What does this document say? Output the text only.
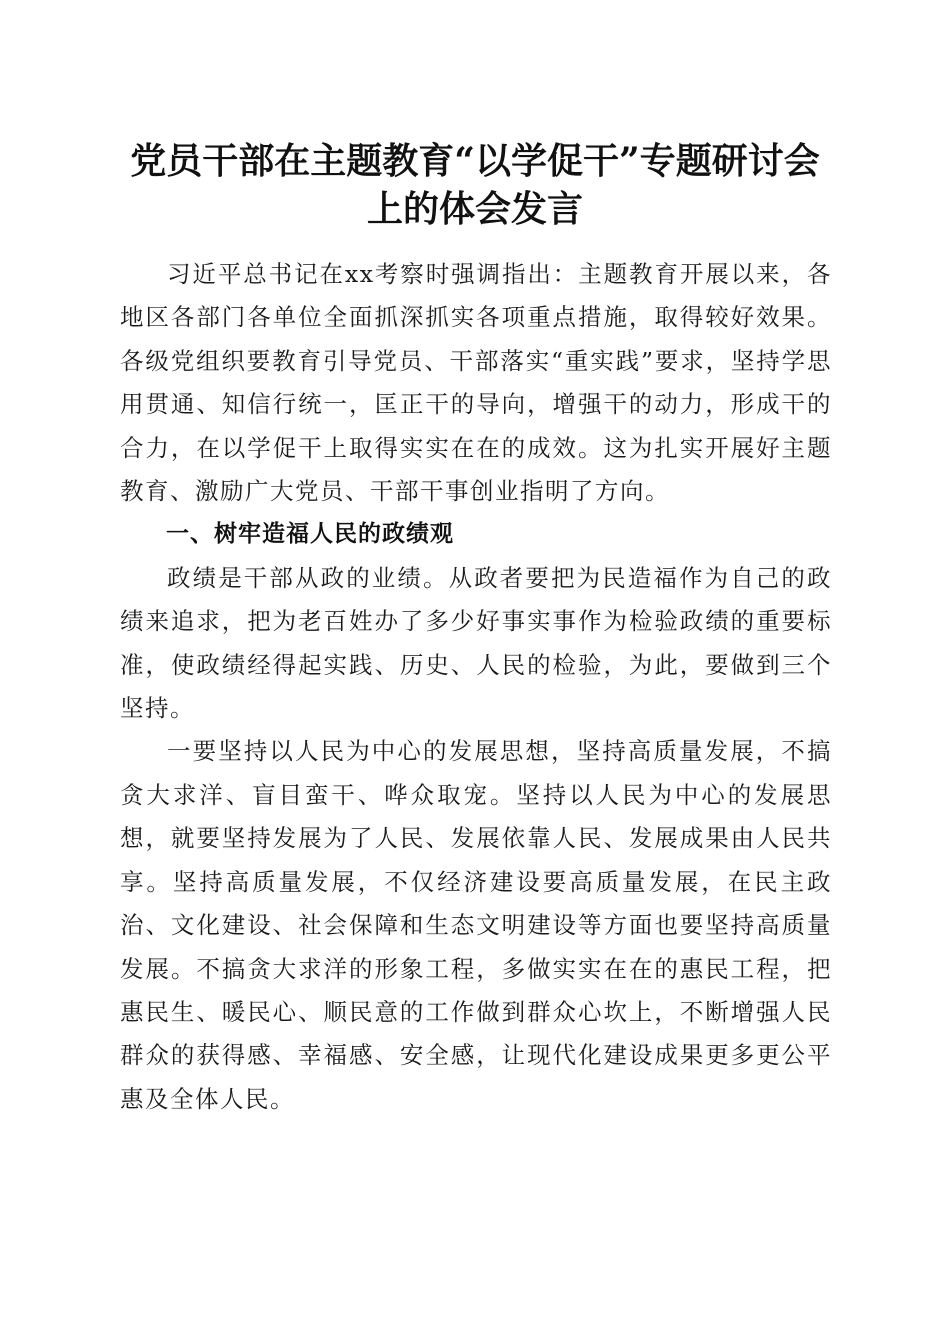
党员干部在主题教育“以学促干”专题研讨会
上的体会发言

习近平总书记在xx考察时强调指出：主题教育开展以来，各地区各部门各单位全面抓深抓实各项重点措施，取得较好效果。各级党组织要教育引导党员、干部落实“重实践”要求，坚持学思用贯通、知信行统一，匡正干的导向，增强干的动力，形成干的合力，在以学促干上取得实实在在的成效。这为扎实开展好主题教育、激励广大党员、干部干事创业指明了方向。

一、树牢造福人民的政绩观

政绩是干部从政的业绩。从政者要把为民造福作为自己的政绩来追求，把为老百姓办了多少好事实事作为检验政绩的重要标准，使政绩经得起实践、历史、人民的检验，为此，要做到三个坚持。

一要坚持以人民为中心的发展思想，坚持高质量发展，不搞贪大求洋、盲目蛮干、哗众取宠。坚持以人民为中心的发展思想，就要坚持发展为了人民、发展依靠人民、发展成果由人民共享。坚持高质量发展，不仅经济建设要高质量发展，在民主政治、文化建设、社会保障和生态文明建设等方面也要坚持高质量发展。不搞贪大求洋的形象工程，多做实实在在的惠民工程，把惠民生、暖民心、顺民意的工作做到群众心坎上，不断增强人民群众的获得感、幸福感、安全感，让现代化建设成果更多更公平惠及全体人民。
